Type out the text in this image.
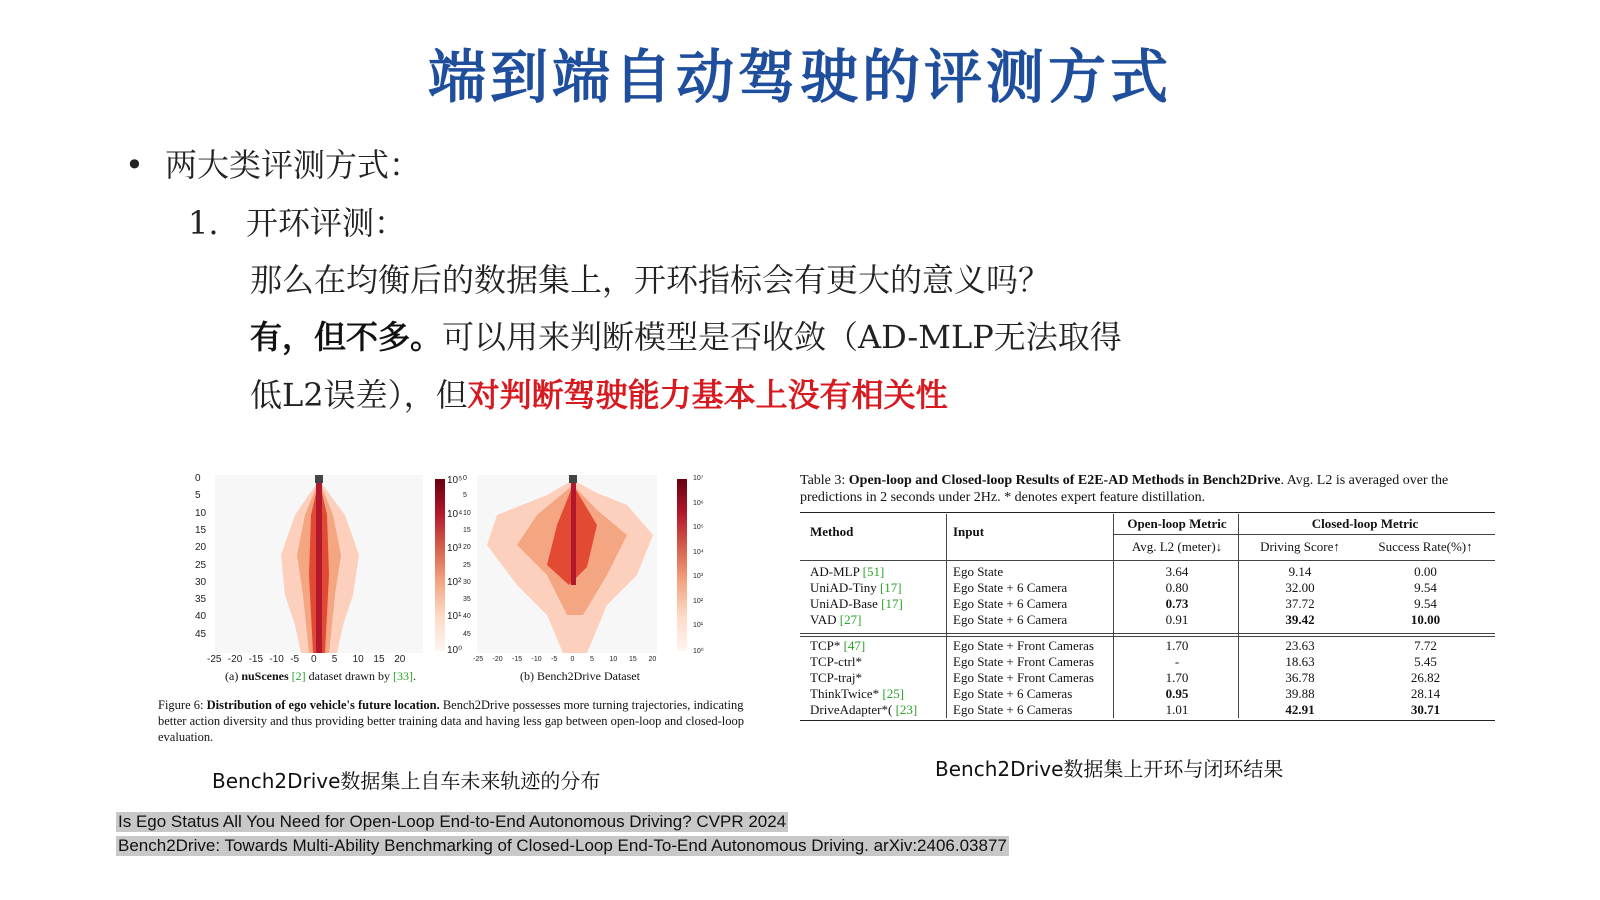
端到端自动驾驶的评测方式
• 两大类评测方式：
1. 开环评测：
那么在均衡后的数据集上，开环指标会有更大的意义吗？
有，但不多。可以用来判断模型是否收敛（AD-MLP无法取得
低L2误差），但对判断驾驶能力基本上没有相关性
(a) nuScenes [2] dataset drawn by [33].	(b) Bench2Drive Dataset
Figure 6: Distribution of ego vehicle's future location. Bench2Drive possesses more turning trajectories, indicating better action diversity and thus providing better training data and having less gap between open-loop and closed-loop evaluation.
0
5
10
15
20
25
30
35
40
45
-25 -20 -15 -10 -5 0 5 10 15 20
10⁵
10⁴
10³
10²
10¹
10⁰
0
5
10
15
20
25
30
35
40
45
-25 -20 -15 -10 -5 0 5 10 15 20
10⁷
10⁶
10⁵
10⁴
10³
10²
10¹
10⁰
Bench2Drive数据集上自车未来轨迹的分布
Table 3: Open-loop and Closed-loop Results of E2E-AD Methods in Bench2Drive. Avg. L2 is averaged over the predictions in 2 seconds under 2Hz. * denotes expert feature distillation.
Method	Input
Open-loop Metric	Closed-loop Metric
Avg. L2 (meter)↓	Driving Score↑	Success Rate(%)↑
AD-MLP [51]	Ego State	3.64	9.14	0.00
UniAD-Tiny [17]	Ego State + 6 Camera	0.80	32.00	9.54
UniAD-Base [17]	Ego State + 6 Camera	0.73	37.72	9.54
VAD [27]	Ego State + 6 Camera	0.91	39.42	10.00
TCP* [47]	Ego State + Front Cameras	1.70	23.63	7.72
TCP-ctrl*	Ego State + Front Cameras	-	18.63	5.45
TCP-traj*	Ego State + Front Cameras	1.70	36.78	26.82
ThinkTwice* [25]	Ego State + 6 Cameras	0.95	39.88	28.14
DriveAdapter*( [23]	Ego State + 6 Cameras	1.01	42.91	30.71
Bench2Drive数据集上开环与闭环结果
Is Ego Status All You Need for Open-Loop End-to-End Autonomous Driving? CVPR 2024
Bench2Drive: Towards Multi-Ability Benchmarking of Closed-Loop End-To-End Autonomous Driving. arXiv:2406.03877
